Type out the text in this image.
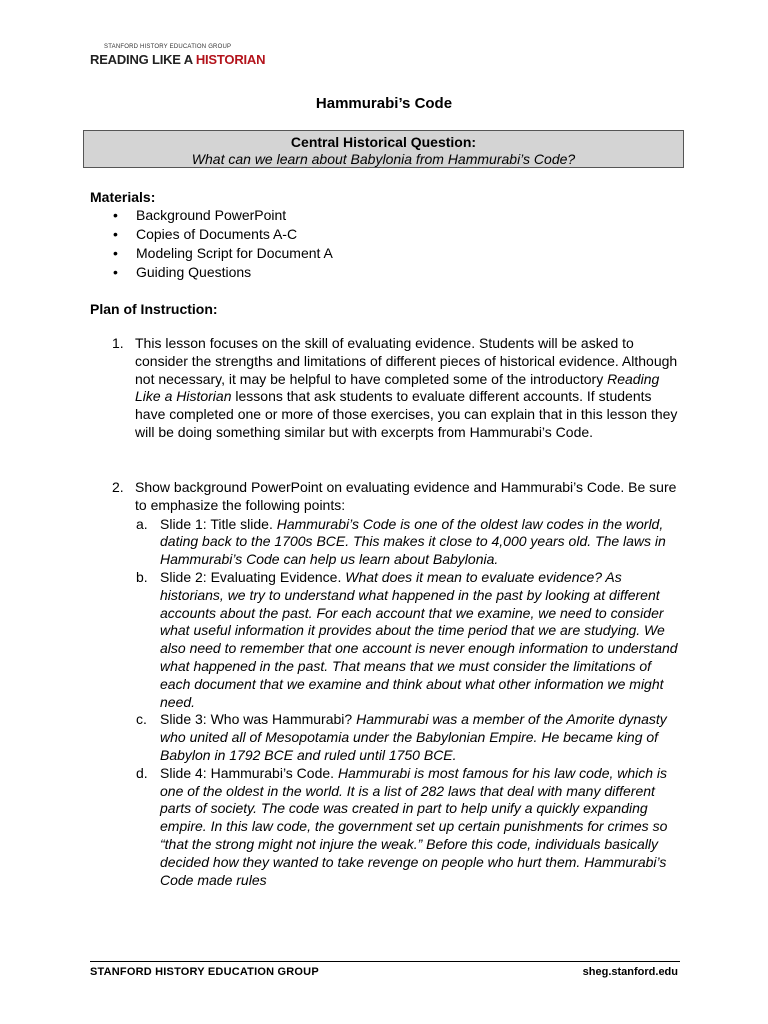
STANFORD HISTORY EDUCATION GROUP
READING LIKE A HISTORIAN
Hammurabi’s Code
Central Historical Question:
What can we learn about Babylonia from Hammurabi’s Code?
Materials:
• Background PowerPoint
• Copies of Documents A-C
• Modeling Script for Document A
• Guiding Questions
Plan of Instruction:
1. This lesson focuses on the skill of evaluating evidence. Students will be asked to consider the strengths and limitations of different pieces of historical evidence. Although not necessary, it may be helpful to have completed some of the introductory Reading Like a Historian lessons that ask students to evaluate different accounts. If students have completed one or more of those exercises, you can explain that in this lesson they will be doing something similar but with excerpts from Hammurabi’s Code.
2. Show background PowerPoint on evaluating evidence and Hammurabi’s Code. Be sure to emphasize the following points:
a. Slide 1: Title slide. Hammurabi’s Code is one of the oldest law codes in the world, dating back to the 1700s BCE. This makes it close to 4,000 years old. The laws in Hammurabi’s Code can help us learn about Babylonia.
b. Slide 2: Evaluating Evidence. What does it mean to evaluate evidence? As historians, we try to understand what happened in the past by looking at different accounts about the past. For each account that we examine, we need to consider what useful information it provides about the time period that we are studying. We also need to remember that one account is never enough information to understand what happened in the past. That means that we must consider the limitations of each document that we examine and think about what other information we might need.
c. Slide 3: Who was Hammurabi? Hammurabi was a member of the Amorite dynasty who united all of Mesopotamia under the Babylonian Empire. He became king of Babylon in 1792 BCE and ruled until 1750 BCE.
d. Slide 4: Hammurabi’s Code. Hammurabi is most famous for his law code, which is one of the oldest in the world. It is a list of 282 laws that deal with many different parts of society. The code was created in part to help unify a quickly expanding empire. In this law code, the government set up certain punishments for crimes so “that the strong might not injure the weak.” Before this code, individuals basically decided how they wanted to take revenge on people who hurt them. Hammurabi’s Code made rules
STANFORD HISTORY EDUCATION GROUP	sheg.stanford.edu
